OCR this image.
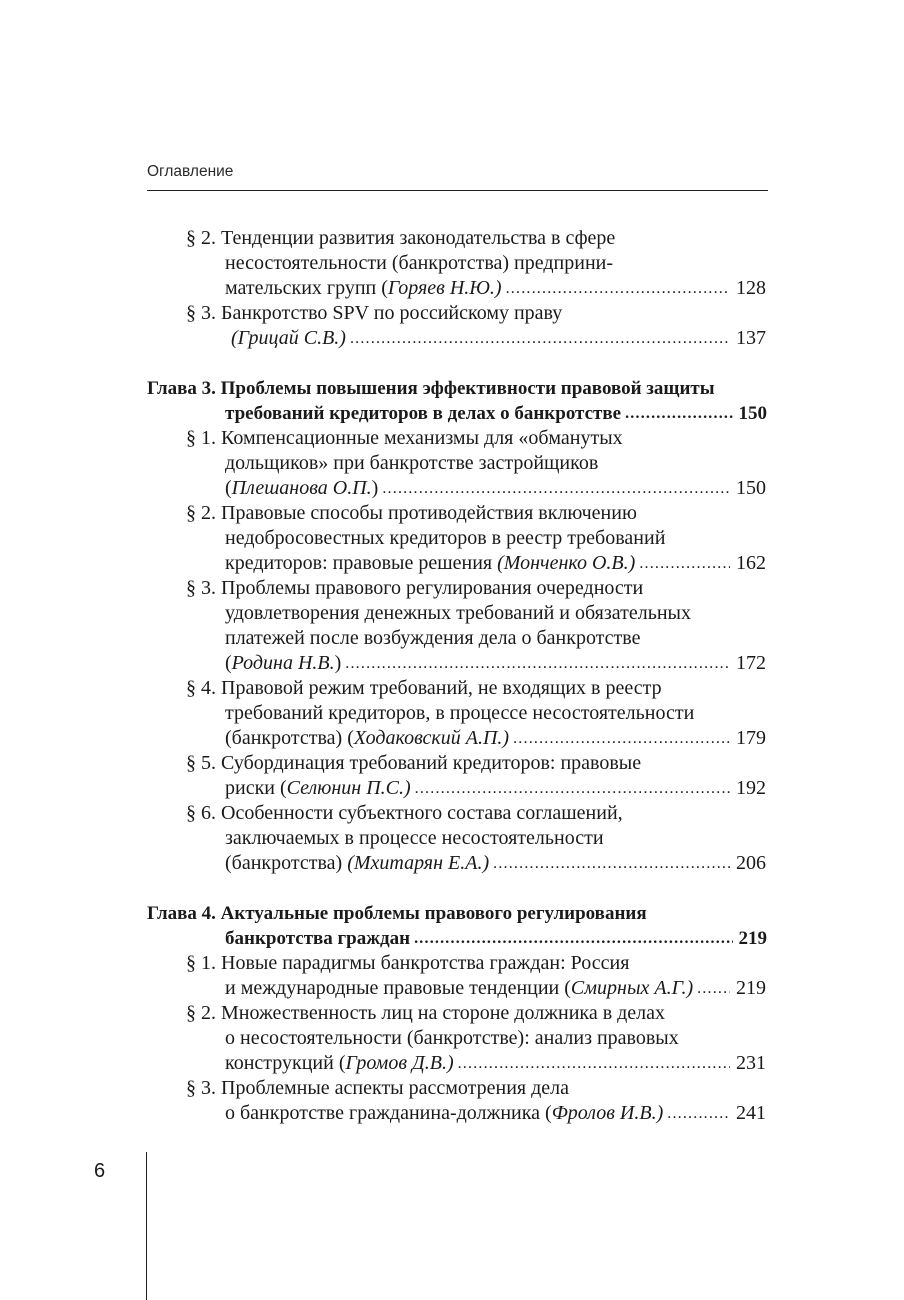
Оглавление
§ 2. Тенденции развития законодательства в сфере
несостоятельности (банкротства) предприни-
мательских групп (Горяев Н.Ю.) .....	128
§ 3. Банкротство SPV по российскому праву
(Грицай С.В.) .....	137
Глава 3. Проблемы повышения эффективности правовой защиты
требований кредиторов в делах о банкротстве .....	150
§ 1. Компенсационные механизмы для «обманутых
дольщиков» при банкротстве застройщиков
(Плешанова О.П.) .....	150
§ 2. Правовые способы противодействия включению
недобросовестных кредиторов в реестр требований
кредиторов: правовые решения (Монченко О.В.) .....	162
§ 3. Проблемы правового регулирования очередности
удовлетворения денежных требований и обязательных
платежей после возбуждения дела о банкротстве
(Родина Н.В.) .....	172
§ 4. Правовой режим требований, не входящих в реестр
требований кредиторов, в процессе несостоятельности
(банкротства) (Ходаковский А.П.) .....	179
§ 5. Субординация требований кредиторов: правовые
риски (Селюнин П.С.) .....	192
§ 6. Особенности субъектного состава соглашений,
заключаемых в процессе несостоятельности
(банкротства) (Мхитарян Е.А.) .....	206
Глава 4. Актуальные проблемы правового регулирования
банкротства граждан .....	219
§ 1. Новые парадигмы банкротства граждан: Россия
и международные правовые тенденции (Смирных А.Г.) ..... 219
§ 2. Множественность лиц на стороне должника в делах
о несостоятельности (банкротстве): анализ правовых
конструкций (Громов Д.В.) .....	231
§ 3. Проблемные аспекты рассмотрения дела
о банкротстве гражданина-должника (Фролов И.В.) .....	241
6
